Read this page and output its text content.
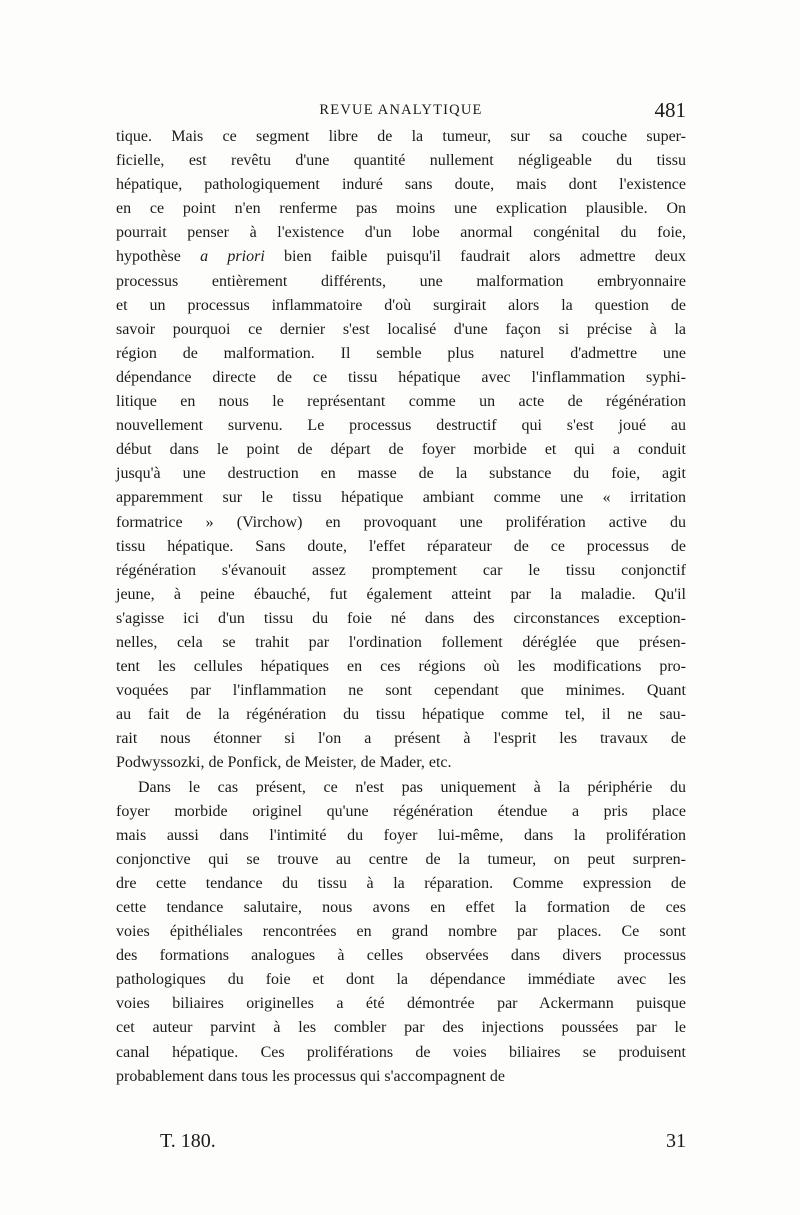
REVUE ANALYTIQUE	481
tique. Mais ce segment libre de la tumeur, sur sa couche super-
ficielle, est revêtu d'une quantité nullement négligeable du tissu
hépatique, pathologiquement induré sans doute, mais dont l'existence
en ce point n'en renferme pas moins une explication plausible. On
pourrait penser à l'existence d'un lobe anormal congénital du foie,
hypothèse a priori bien faible puisqu'il faudrait alors admettre deux
processus entièrement différents, une malformation embryonnaire
et un processus inflammatoire d'où surgirait alors la question de
savoir pourquoi ce dernier s'est localisé d'une façon si précise à la
région de malformation. Il semble plus naturel d'admettre une
dépendance directe de ce tissu hépatique avec l'inflammation syphi-
litique en nous le représentant comme un acte de régénération
nouvellement survenu. Le processus destructif qui s'est joué au
début dans le point de départ de foyer morbide et qui a conduit
jusqu'à une destruction en masse de la substance du foie, agit
apparemment sur le tissu hépatique ambiant comme une « irritation
formatrice » (Virchow) en provoquant une prolifération active du
tissu hépatique. Sans doute, l'effet réparateur de ce processus de
régénération s'évanouit assez promptement car le tissu conjonctif
jeune, à peine ébauché, fut également atteint par la maladie. Qu'il
s'agisse ici d'un tissu du foie né dans des circonstances exception-
nelles, cela se trahit par l'ordination follement déréglée que présen-
tent les cellules hépatiques en ces régions où les modifications pro-
voquées par l'inflammation ne sont cependant que minimes. Quant
au fait de la régénération du tissu hépatique comme tel, il ne sau-
rait nous étonner si l'on a présent à l'esprit les travaux de
Podwyssozki, de Ponfick, de Meister, de Mader, etc.
Dans le cas présent, ce n'est pas uniquement à la périphérie du
foyer morbide originel qu'une régénération étendue a pris place
mais aussi dans l'intimité du foyer lui-même, dans la prolifération
conjonctive qui se trouve au centre de la tumeur, on peut surpren-
dre cette tendance du tissu à la réparation. Comme expression de
cette tendance salutaire, nous avons en effet la formation de ces
voies épithéliales rencontrées en grand nombre par places. Ce sont
des formations analogues à celles observées dans divers processus
pathologiques du foie et dont la dépendance immédiate avec les
voies biliaires originelles a été démontrée par Ackermann puisque
cet auteur parvint à les combler par des injections poussées par le
canal hépatique. Ces proliférations de voies biliaires se produisent
probablement dans tous les processus qui s'accompagnent de
T. 180.	31
